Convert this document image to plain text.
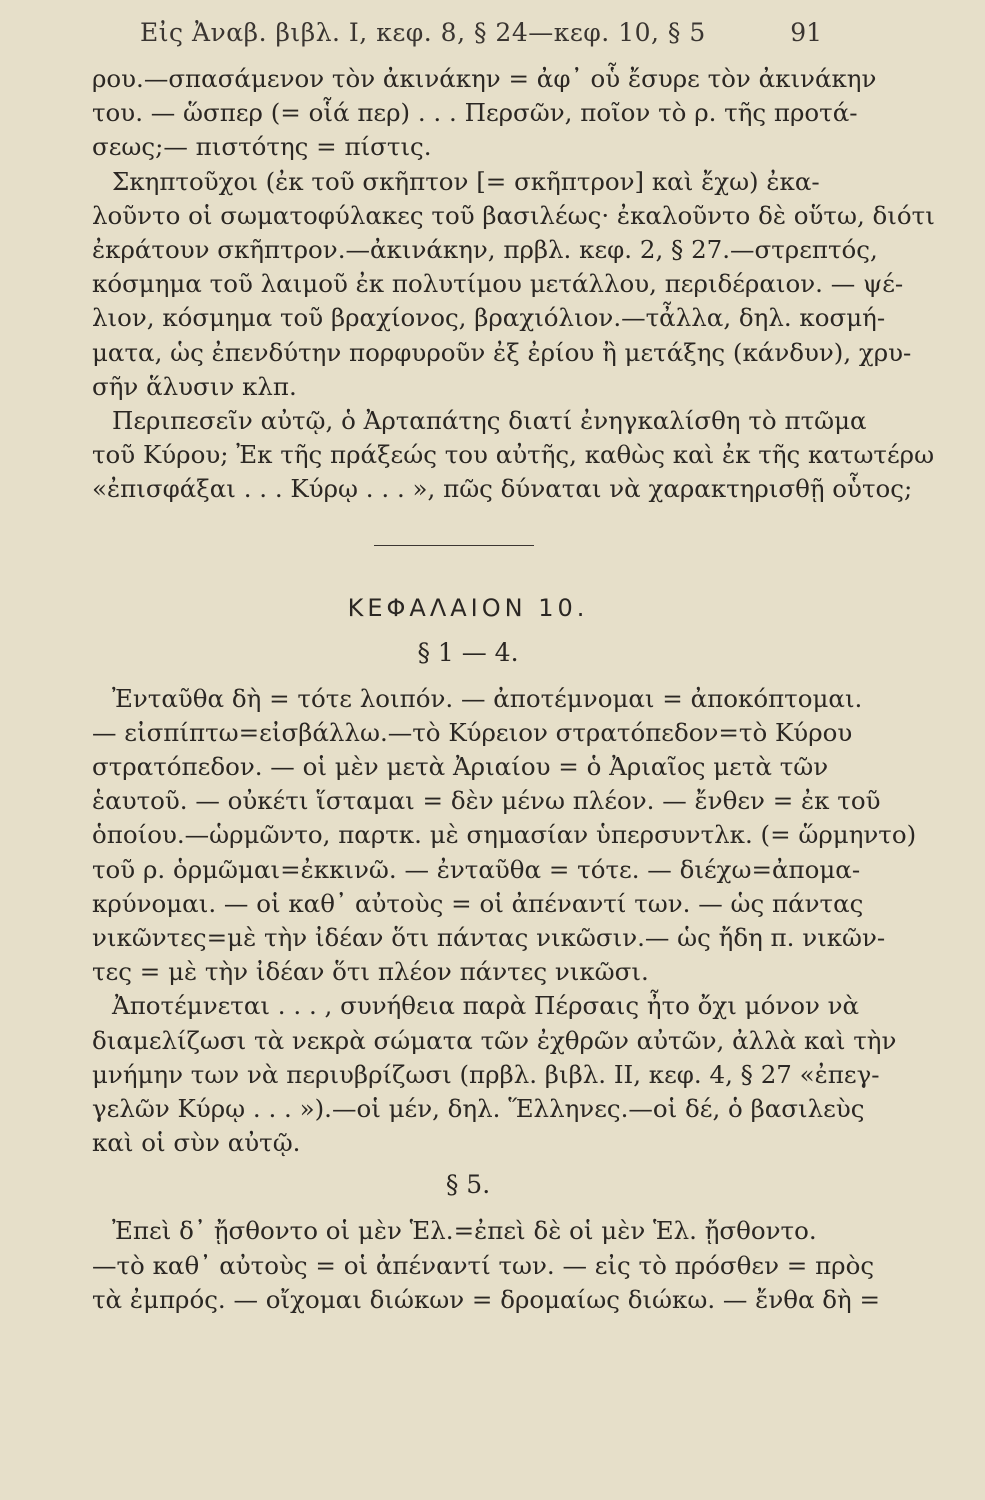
Εἰς Ἀναβ. βιβλ. I, κεφ. 8, § 24—κεφ. 10, § 5	91
ρου.—σπασάμενον τὸν ἀκινάκην = ἀφ᾽ οὗ ἔσυρε τὸν ἀκινάκην
του. — ὥσπερ (= οἷά περ) . . . Περσῶν, ποῖον τὸ ρ. τῆς προτά-
σεως;— πιστότης = πίστις.
Σκηπτοῦχοι (ἐκ τοῦ σκῆπτον [= σκῆπτρον] καὶ ἔχω) ἐκα-
λοῦντο οἱ σωματοφύλακες τοῦ βασιλέως· ἐκαλοῦντο δὲ οὕτω, διότι
ἐκράτουν σκῆπτρον.—ἀκινάκην, πρβλ. κεφ. 2, § 27.—στρεπτός,
κόσμημα τοῦ λαιμοῦ ἐκ πολυτίμου μετάλλου, περιδέραιον. — ψέ-
λιον, κόσμημα τοῦ βραχίονος, βραχιόλιον.—τἆλλα, δηλ. κοσμή-
ματα, ὡς ἐπενδύτην πορφυροῦν ἐξ ἐρίου ἢ μετάξης (κάνδυν), χρυ-
σῆν ἅλυσιν κλπ.
Περιπεσεῖν αὐτῷ, ὁ Ἀρταπάτης διατί ἐνηγκαλίσθη τὸ πτῶμα
τοῦ Κύρου; Ἐκ τῆς πράξεώς του αὐτῆς, καθὼς καὶ ἐκ τῆς κατωτέρω
«ἐπισφάξαι . . . Κύρῳ . . . », πῶς δύναται νὰ χαρακτηρισθῇ οὗτος;
ΚΕΦΑΛΑΙΟΝ 10.
§ 1 — 4.
Ἐνταῦθα δὴ = τότε λοιπόν. — ἀποτέμνομαι = ἀποκόπτομαι.
— εἰσπίπτω=εἰσβάλλω.—τὸ Κύρειον στρατόπεδον=τὸ Κύρου
στρατόπεδον. — οἱ μὲν μετὰ Ἀριαίου = ὁ Ἀριαῖος μετὰ τῶν
ἑαυτοῦ. — οὐκέτι ἵσταμαι = δὲν μένω πλέον. — ἔνθεν = ἐκ τοῦ
ὁποίου.—ὡρμῶντο, παρτκ. μὲ σημασίαν ὑπερσυντλκ. (= ὥρμηντο)
τοῦ ρ. ὁρμῶμαι=ἐκκινῶ. — ἐνταῦθα = τότε. — διέχω=ἀπομα-
κρύνομαι. — οἱ καθ᾽ αὐτοὺς = οἱ ἀπέναντί των. — ὡς πάντας
νικῶντες=μὲ τὴν ἰδέαν ὅτι πάντας νικῶσιν.— ὡς ἤδη π. νικῶν-
τες = μὲ τὴν ἰδέαν ὅτι πλέον πάντες νικῶσι.
Ἀποτέμνεται . . . , συνήθεια παρὰ Πέρσαις ἦτο ὄχι μόνον νὰ
διαμελίζωσι τὰ νεκρὰ σώματα τῶν ἐχθρῶν αὐτῶν, ἀλλὰ καὶ τὴν
μνήμην των νὰ περιυβρίζωσι (πρβλ. βιβλ. II, κεφ. 4, § 27 «ἐπεγ-
γελῶν Κύρῳ . . . »).—οἱ μέν, δηλ. Ἕλληνες.—οἱ δέ, ὁ βασιλεὺς
καὶ οἱ σὺν αὐτῷ.
§ 5.
Ἐπεὶ δ᾽ ᾔσθοντο οἱ μὲν Ἑλ.=ἐπεὶ δὲ οἱ μὲν Ἑλ. ᾔσθοντο.
—τὸ καθ᾽ αὐτοὺς = οἱ ἀπέναντί των. — εἰς τὸ πρόσθεν = πρὸς
τὰ ἐμπρός. — οἴχομαι διώκων = δρομαίως διώκω. — ἔνθα δὴ =
